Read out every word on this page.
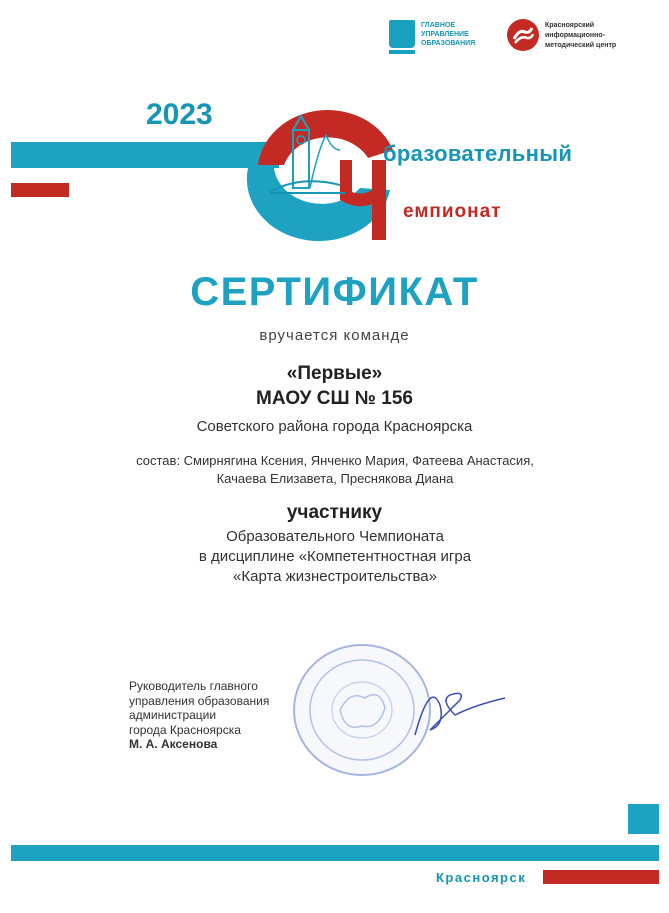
ГЛАВНОЕ УПРАВЛЕНИЕ ОБРАЗОВАНИЯ
Красноярский информационно-методический центр
2023
бразовательный
емпионат
СЕРТИФИКАТ
вручается команде
«Первые»
МАОУ СШ № 156
Советского района города Красноярска
состав: Смирнягина Ксения, Янченко Мария, Фатеева Анастасия,
Качаева Елизавета, Преснякова Диана
участнику
Образовательного Чемпионата
в дисциплине «Компетентностная игра
«Карта жизнестроительства»
Руководитель главного
управления образования
администрации
города Красноярска
М. А. Аксенова
Красноярск
